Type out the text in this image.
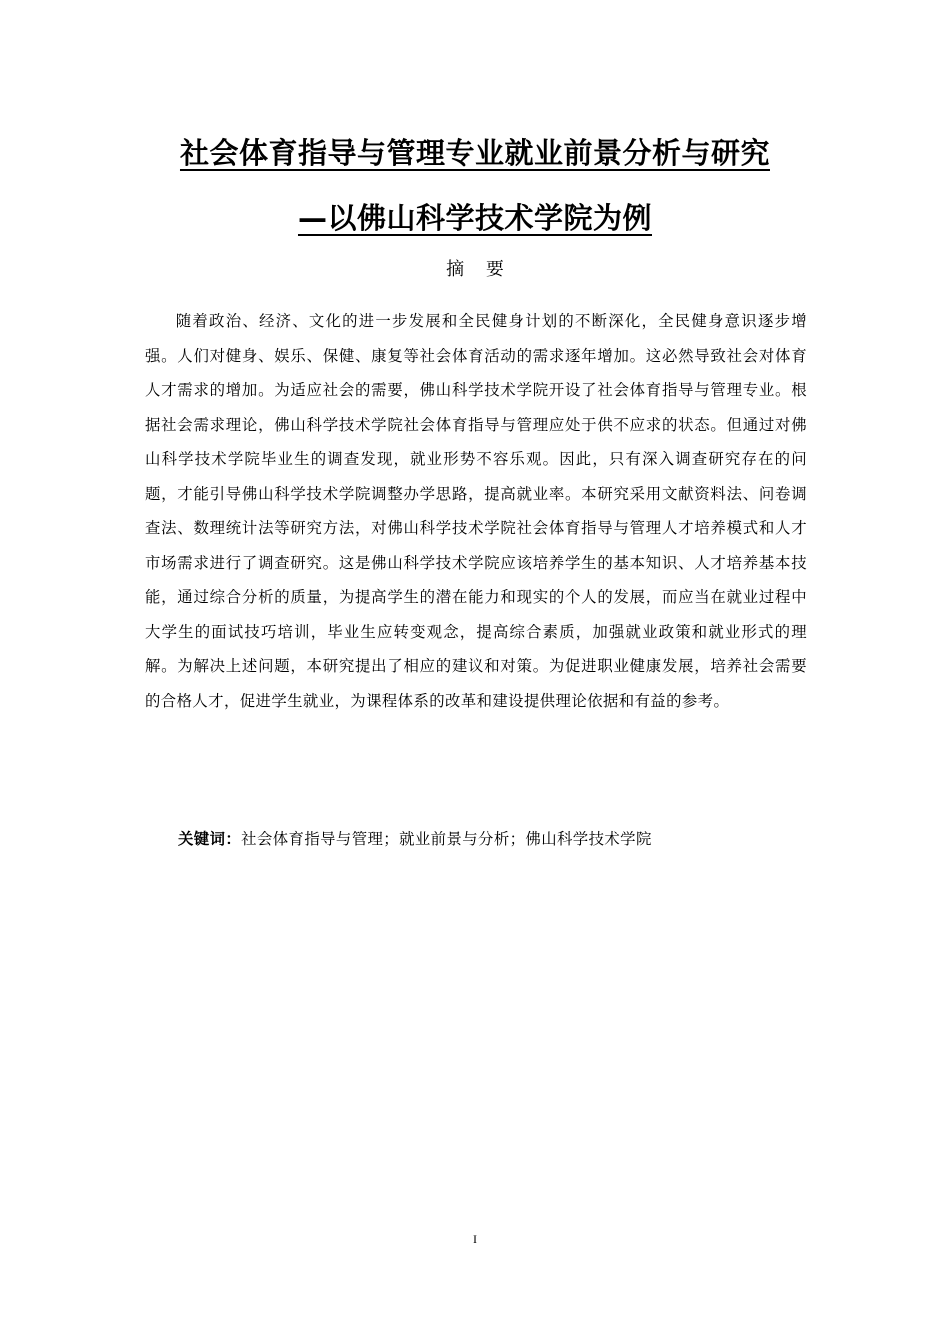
社会体育指导与管理专业就业前景分析与研究
—以佛山科学技术学院为例
摘 要

随着政治、经济、文化的进一步发展和全民健身计划的不断深化，全民健身意识逐步增强。人们对健身、娱乐、保健、康复等社会体育活动的需求逐年增加。这必然导致社会对体育人才需求的增加。为适应社会的需要，佛山科学技术学院开设了社会体育指导与管理专业。根据社会需求理论，佛山科学技术学院社会体育指导与管理应处于供不应求的状态。但通过对佛山科学技术学院毕业生的调查发现，就业形势不容乐观。因此，只有深入调查研究存在的问题，才能引导佛山科学技术学院调整办学思路，提高就业率。本研究采用文献资料法、问卷调查法、数理统计法等研究方法，对佛山科学技术学院社会体育指导与管理人才培养模式和人才市场需求进行了调查研究。这是佛山科学技术学院应该培养学生的基本知识、人才培养基本技能，通过综合分析的质量，为提高学生的潜在能力和现实的个人的发展，而应当在就业过程中大学生的面试技巧培训，毕业生应转变观念，提高综合素质，加强就业政策和就业形式的理解。为解决上述问题，本研究提出了相应的建议和对策。为促进职业健康发展，培养社会需要的合格人才，促进学生就业，为课程体系的改革和建设提供理论依据和有益的参考。

关键词：社会体育指导与管理；就业前景与分析；佛山科学技术学院
I
